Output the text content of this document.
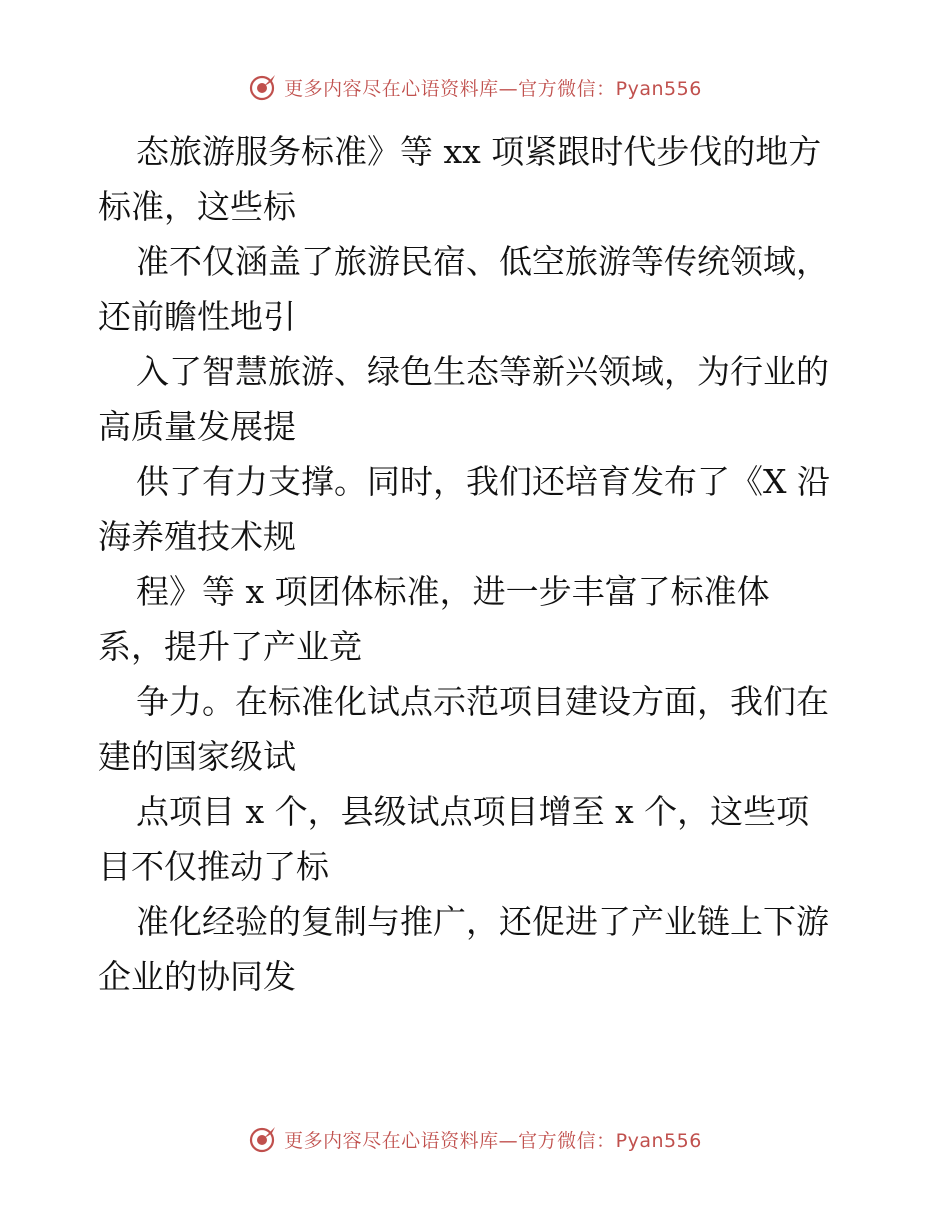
更多内容尽在心语资料库—官方微信：Pyan556

态旅游服务标准》等 xx 项紧跟时代步伐的地方

标准，这些标

准不仅涵盖了旅游民宿、低空旅游等传统领域，

还前瞻性地引

入了智慧旅游、绿色生态等新兴领域，为行业的

高质量发展提

供了有力支撑。同时，我们还培育发布了《X 沿

海养殖技术规

程》等 x 项团体标准，进一步丰富了标准体

系，提升了产业竞

争力。在标准化试点示范项目建设方面，我们在

建的国家级试

点项目 x 个，县级试点项目增至 x 个，这些项

目不仅推动了标

准化经验的复制与推广，还促进了产业链上下游

企业的协同发

更多内容尽在心语资料库—官方微信：Pyan556
